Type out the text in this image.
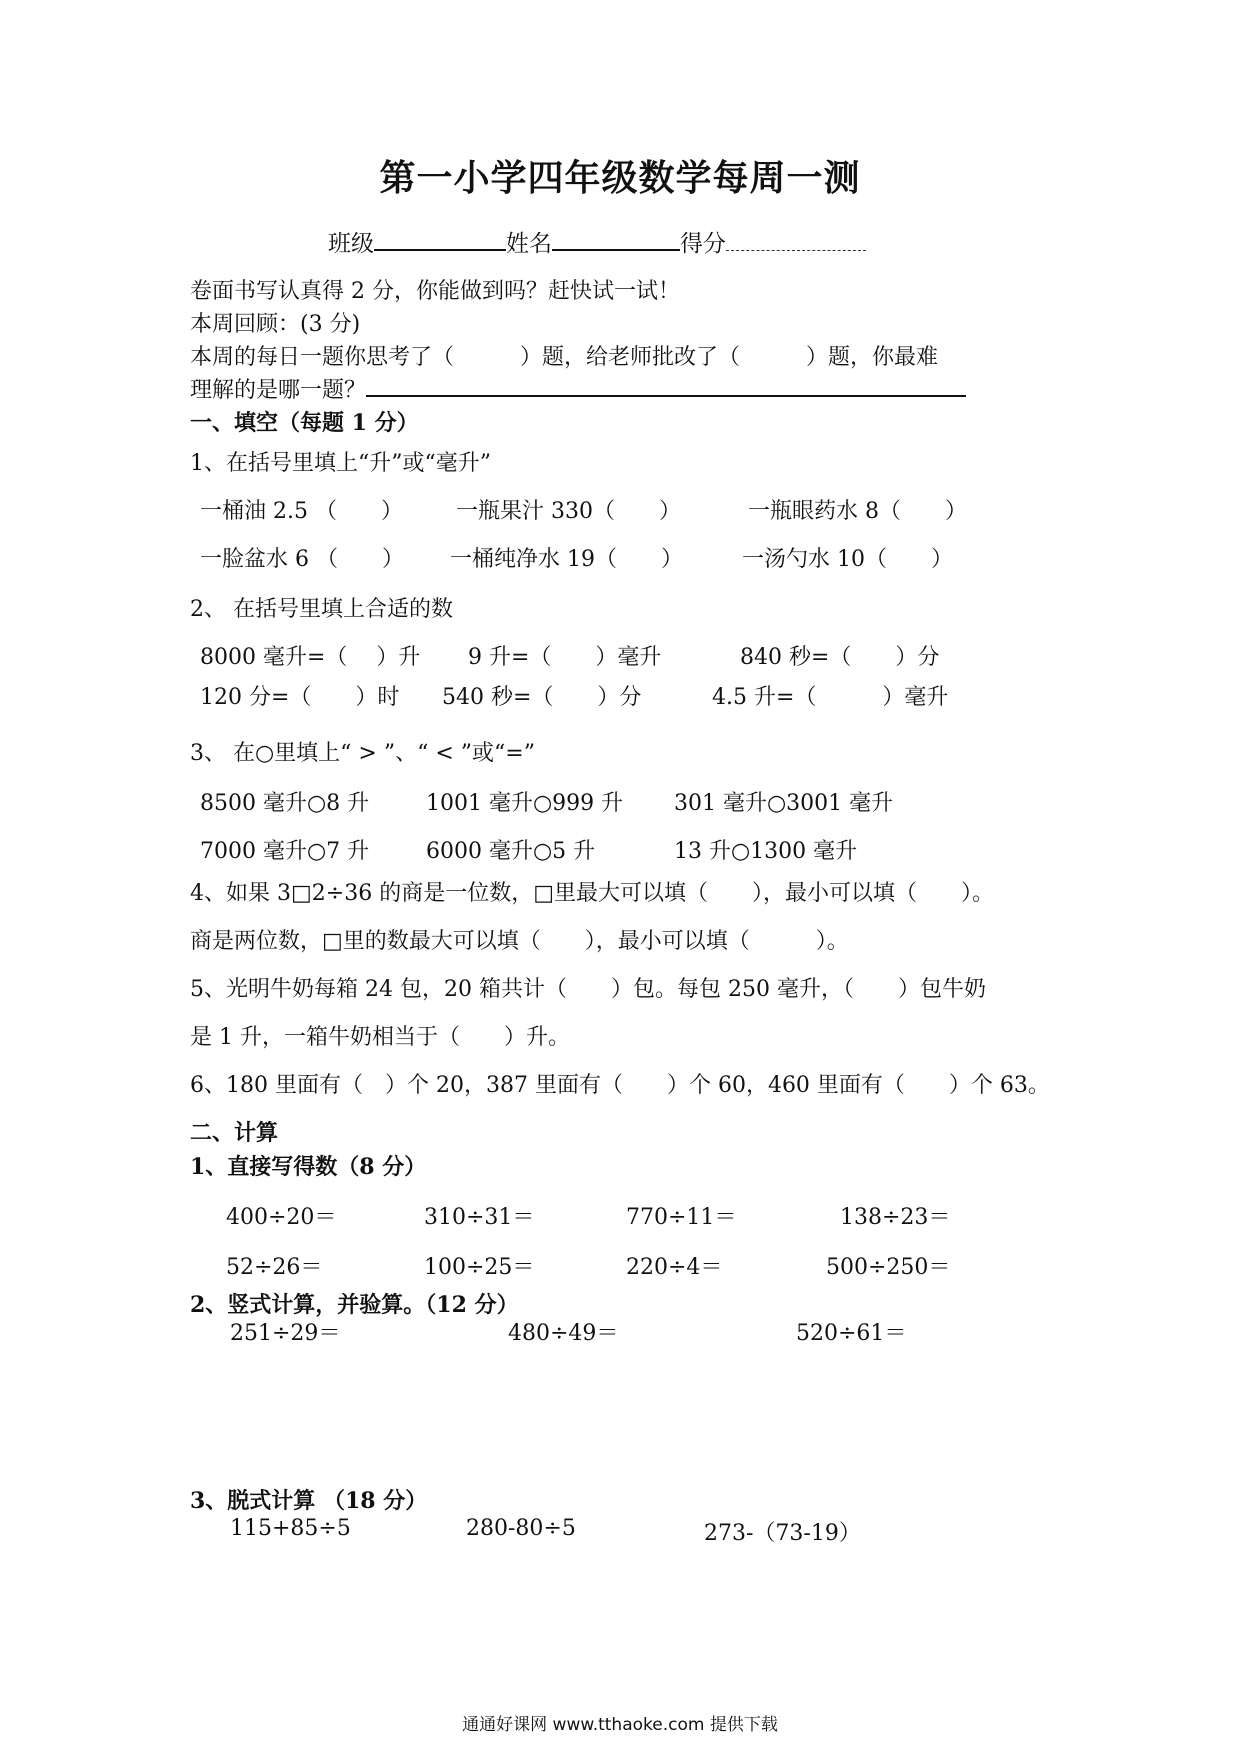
第一小学四年级数学每周一测
班级	姓名	得分
卷面书写认真得 2 分，你能做到吗？赶快试一试！
本周回顾：(3 分)
本周的每日一题你思考了（　　　）题，给老师批改了（　　　）题，你最难
理解的是哪一题？
一、填空（每题 1 分）
1、在括号里填上“升”或“毫升”
一桶油 2.5 （　　） 一瓶果汁 330（　　）	一瓶眼药水 8（　　）
一脸盆水 6 （　　） 一桶纯净水 19（　　）	一汤勺水 10（　　）
2、 在括号里填上合适的数
8000 毫升=（　 ）升 9 升=（　　）毫升	840 秒=（　　）分
120 分=（　　）时 540 秒=（　　）分	4.5 升=（　　　）毫升
3、 在○里填上“ > ”、“ < ”或“=”
8500 毫升○8 升	1001 毫升○999 升 301 毫升○3001 毫升
7000 毫升○7 升	6000 毫升○5 升	13 升○1300 毫升
4、如果 3□2÷36 的商是一位数，□里最大可以填（　　），最小可以填（　　）。
商是两位数，□里的数最大可以填（　　），最小可以填（　　　）。
5、光明牛奶每箱 24 包，20 箱共计（　　）包。每包 250 毫升，（　　）包牛奶
是 1 升，一箱牛奶相当于（　　）升。
6、180 里面有（　）个 20，387 里面有（　　）个 60，460 里面有（　　）个 63。
二、计算
1、直接写得数（8 分）
400÷20＝	310÷31＝	770÷11＝	138÷23＝
52÷26＝	100÷25＝	220÷4＝	500÷250＝
2、竖式计算，并验算。（12 分）
251÷29＝	480÷49＝	520÷61＝
3、脱式计算 （18 分）
115+85÷5	280-80÷5	273-（73-19）
通通好课网 www.tthaoke.com 提供下载
